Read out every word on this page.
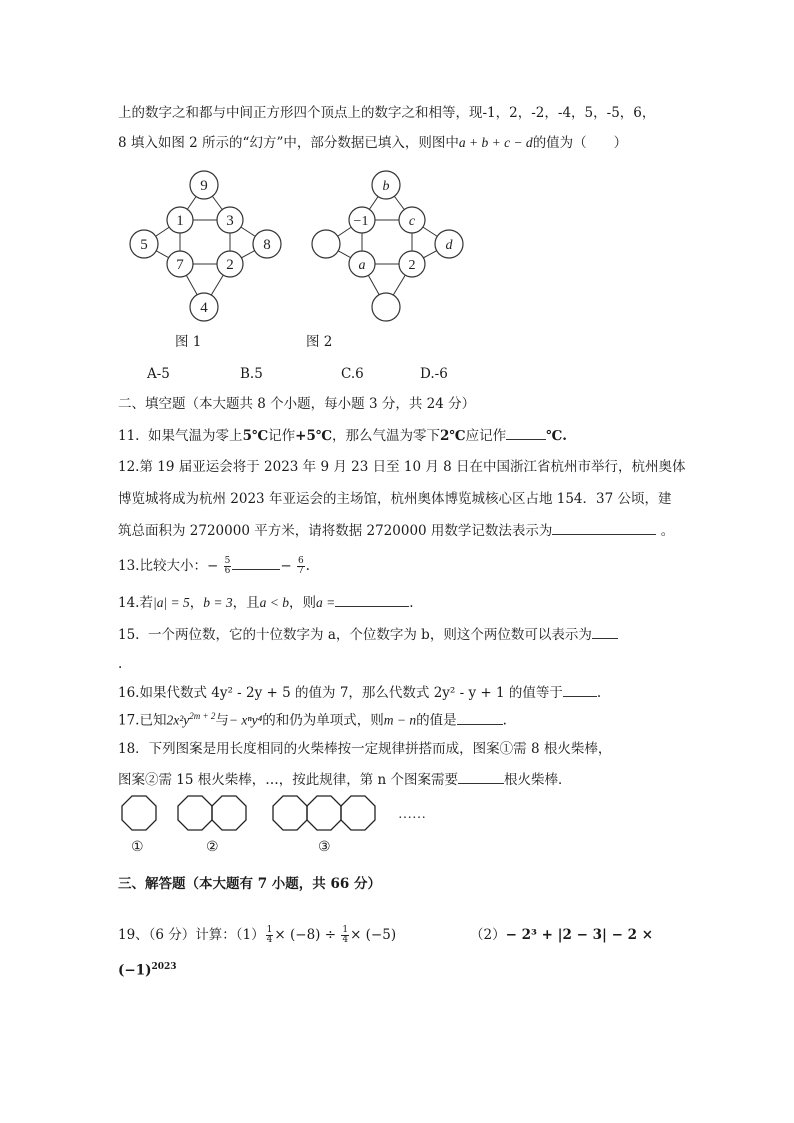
上的数字之和都与中间正方形四个顶点上的数字之和相等，现-1，2，-2，-4，5，-5，6，
8 填入如图 2 所示的“幻方”中，部分数据已填入，则图中a + b + c − d的值为（　　）
9
1	3
5
7	2
8
4
b
−1	c
a	2
d
图 1	图 2
A-5	B.5	C.6	D.-6
二、填空题（本大题共 8 个小题，每小题 3 分，共 24 分）
11.  如果气温为零上5℃记作+5℃，那么气温为零下2℃应记作	℃.
12.第 19 届亚运会将于 2023 年 9 月 23 日至 10 月 8 日在中国浙江省杭州市举行，杭州奥体
博览城将成为杭州 2023 年亚运会的主场馆，杭州奥体博览城核心区占地 154．37 公顷，建
筑总面积为 2720000 平方米，请将数据 2720000 用数学记数法表示为	。
13.比较大小：− $\frac{5}{6}$	− $\frac{6}{7}$ .
14.若|a| = 5，b = 3，且a < b，则a =	.
15.  一个两位数，它的十位数字为 a，个位数字为 b，则这个两位数可以表示为
.
16.如果代数式 4y² - 2y + 5 的值为 7，那么代数式 2y² - y + 1 的值等于	.
17.已知$2x^2y^{2m + 2}$与− xⁿy⁴的和仍为单项式，则m − n的值是	.
18．下列图案是用长度相同的火柴棒按一定规律拼搭而成，图案①需 8 根火柴棒，
图案②需 15 根火柴棒，…，按此规律，第 n 个图案需要	根火柴棒．
……
①	②	③
三、解答题（本大题有 7 小题，共 66 分）
19、（6 分）计算：$(1) \frac{1}{4} \times (-8) \div \frac{1}{4} \times (-5)$	（2）− 2³ + |2 − 3| − 2 ×
$(-1)^{2023}$
